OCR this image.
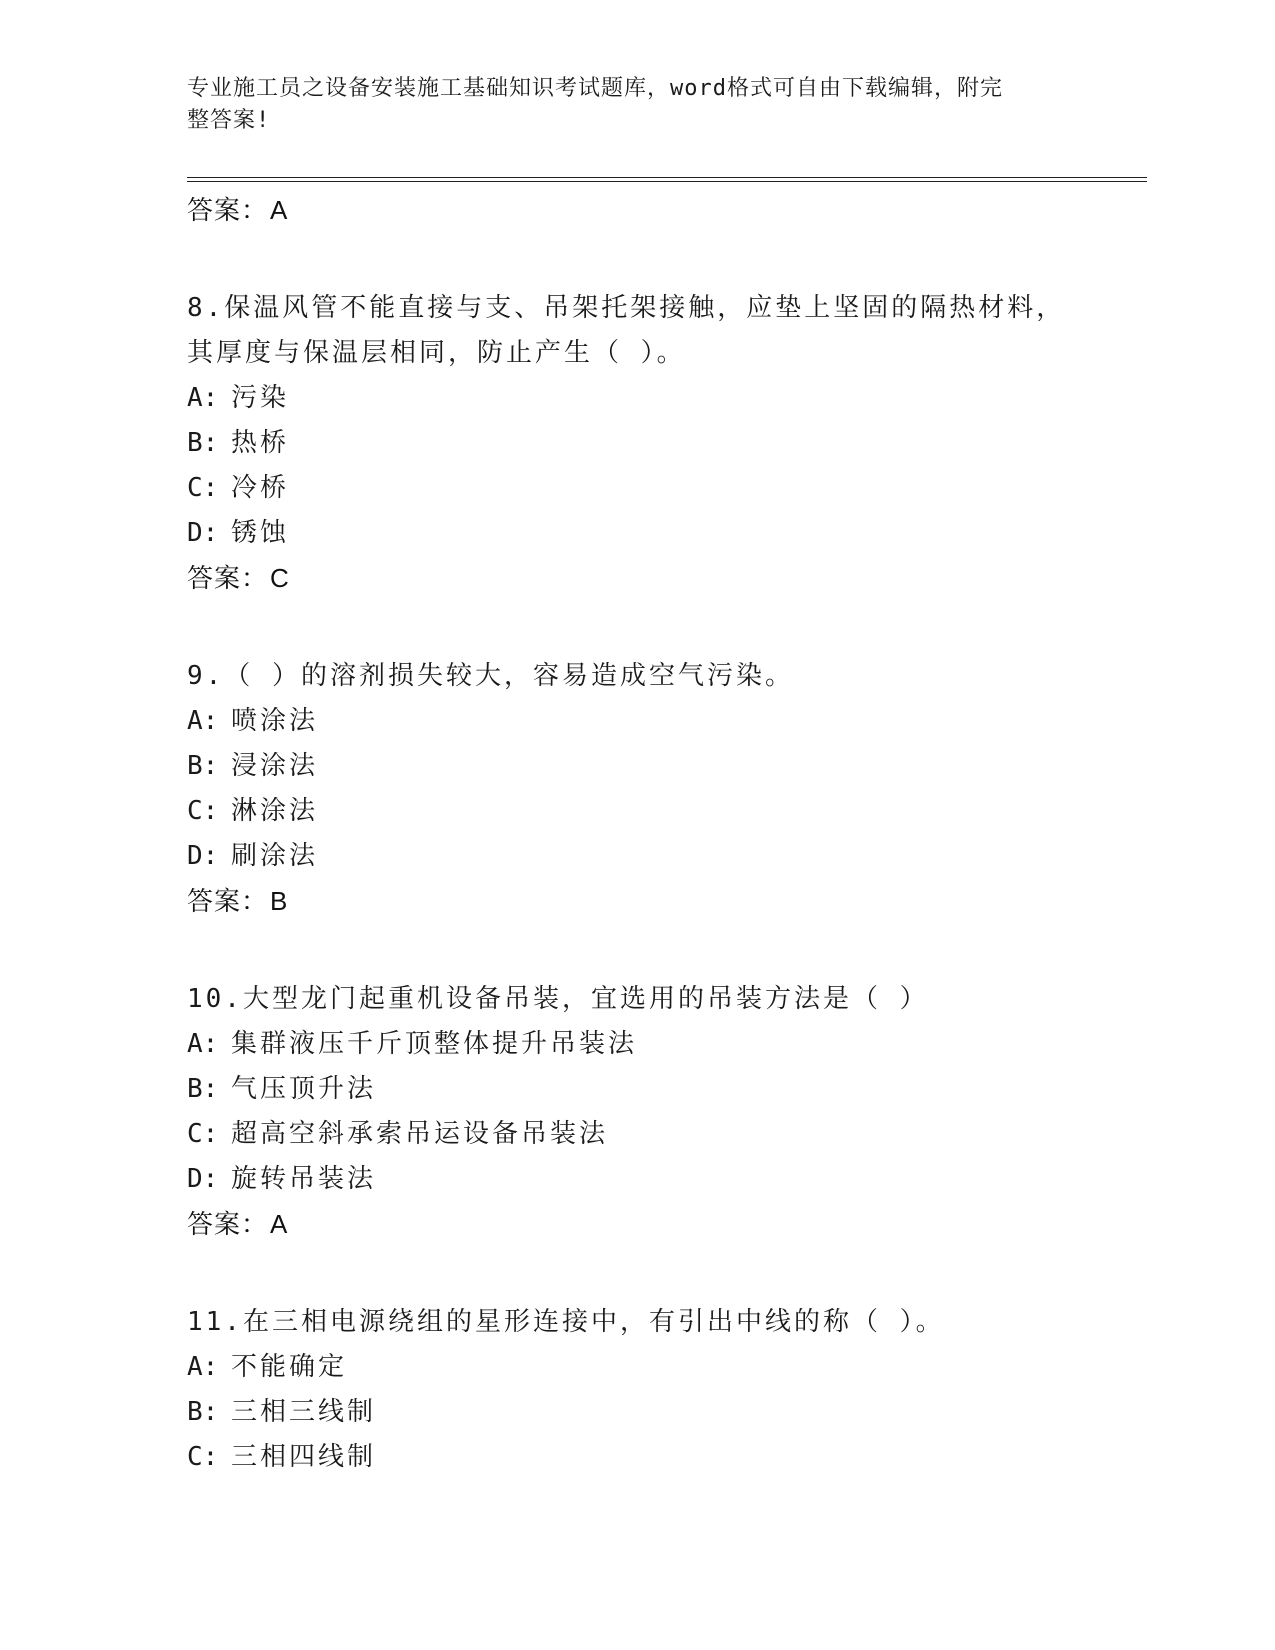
专业施工员之设备安装施工基础知识考试题库，word格式可自由下载编辑，附完
整答案!
答案：A
8.保温风管不能直接与支、吊架托架接触，应垫上坚固的隔热材料，
其厚度与保温层相同，防止产生（ ）。
A: 污染
B: 热桥
C: 冷桥
D: 锈蚀
答案：C
9.（ ）的溶剂损失较大，容易造成空气污染。
A: 喷涂法
B: 浸涂法
C: 淋涂法
D: 刷涂法
答案：B
10.大型龙门起重机设备吊装，宜选用的吊装方法是（ ）
A: 集群液压千斤顶整体提升吊装法
B: 气压顶升法
C: 超高空斜承索吊运设备吊装法
D: 旋转吊装法
答案：A
11.在三相电源绕组的星形连接中，有引出中线的称（ ）。
A: 不能确定
B: 三相三线制
C: 三相四线制
